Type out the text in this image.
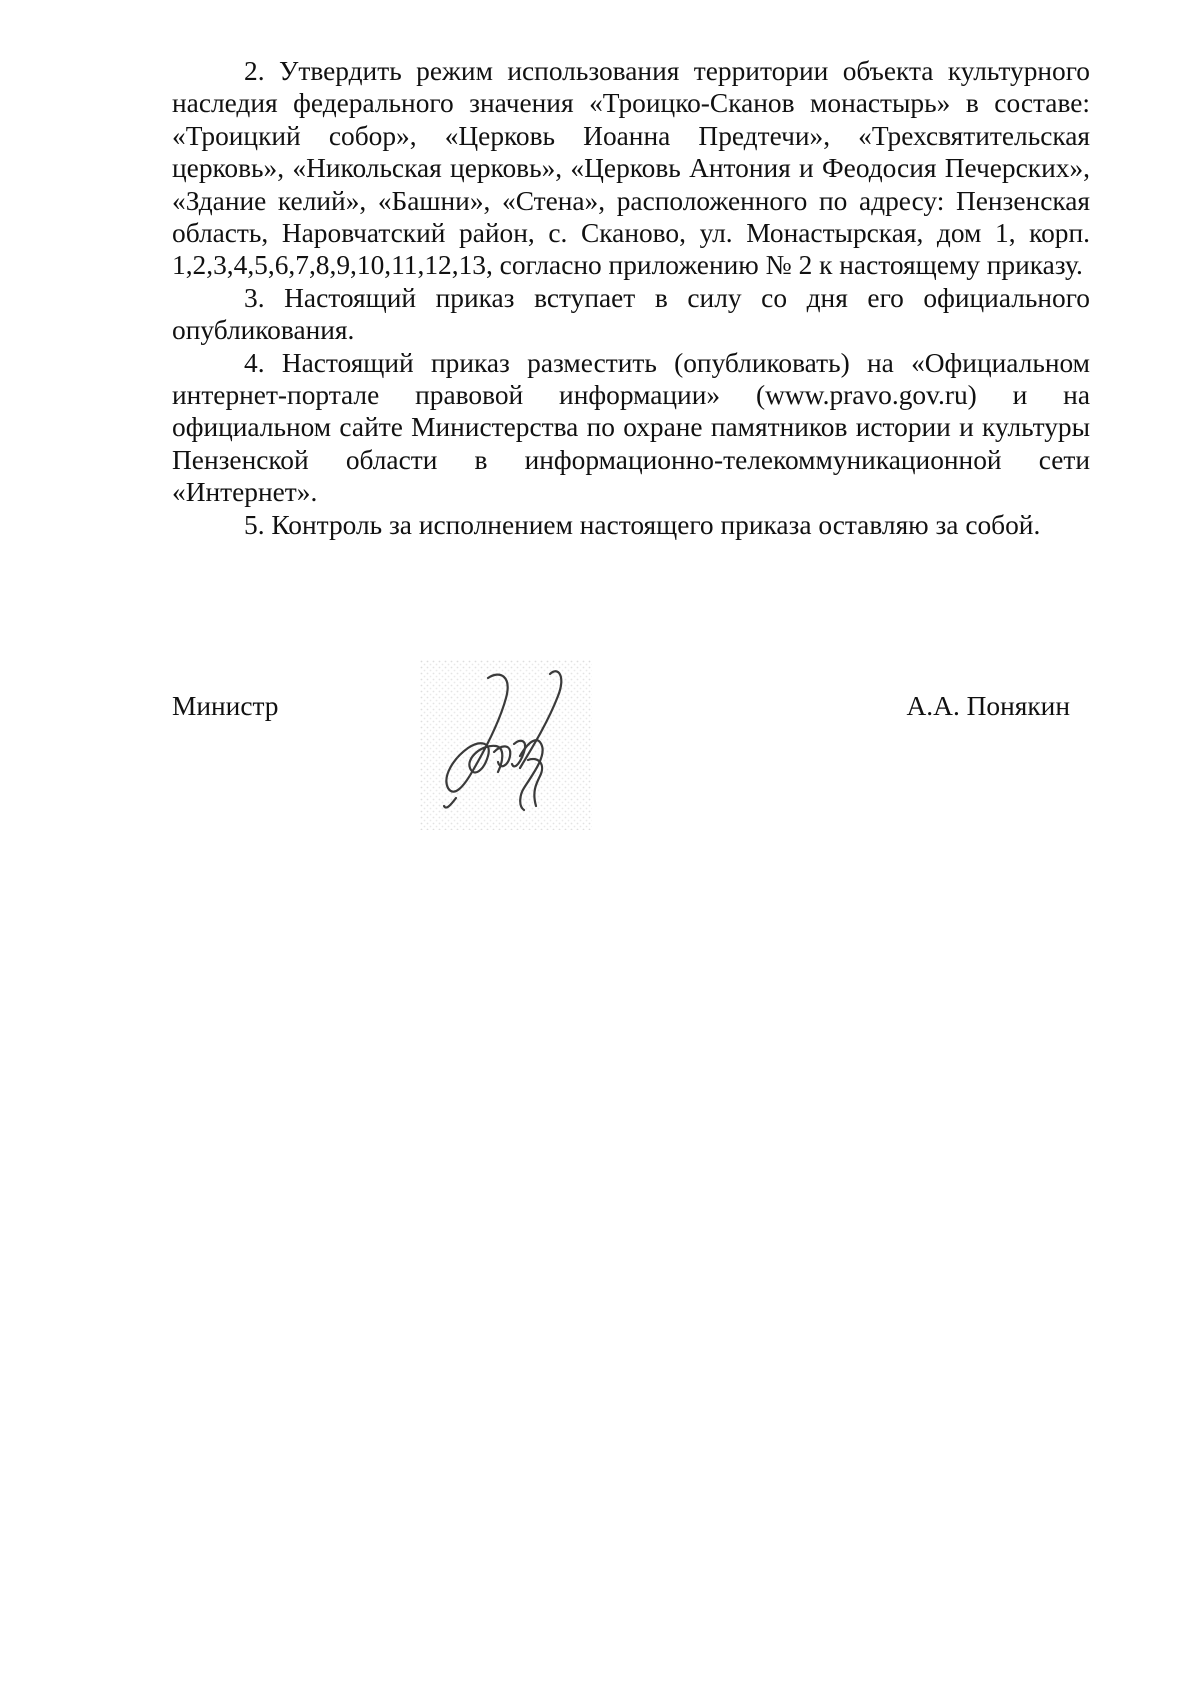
2. Утвердить режим использования территории объекта культурного наследия федерального значения «Троицко-Сканов монастырь» в составе: «Троицкий собор», «Церковь Иоанна Предтечи», «Трехсвятительская церковь», «Никольская церковь», «Церковь Антония и Феодосия Печерских», «Здание келий», «Башни», «Стена», расположенного по адресу: Пензенская область, Наровчатский район, с. Сканово, ул. Монастырская, дом 1, корп. 1,2,3,4,5,6,7,8,9,10,11,12,13, согласно приложению № 2 к настоящему приказу.

3. Настоящий приказ вступает в силу со дня его официального опубликования.

4. Настоящий приказ разместить (опубликовать) на «Официальном интернет-портале правовой информации» (www.pravo.gov.ru) и на официальном сайте Министерства по охране памятников истории и культуры Пензенской области в информационно-телекоммуникационной сети «Интернет».

5. Контроль за исполнением настоящего приказа оставляю за собой.

Министр	А.А. Понякин
